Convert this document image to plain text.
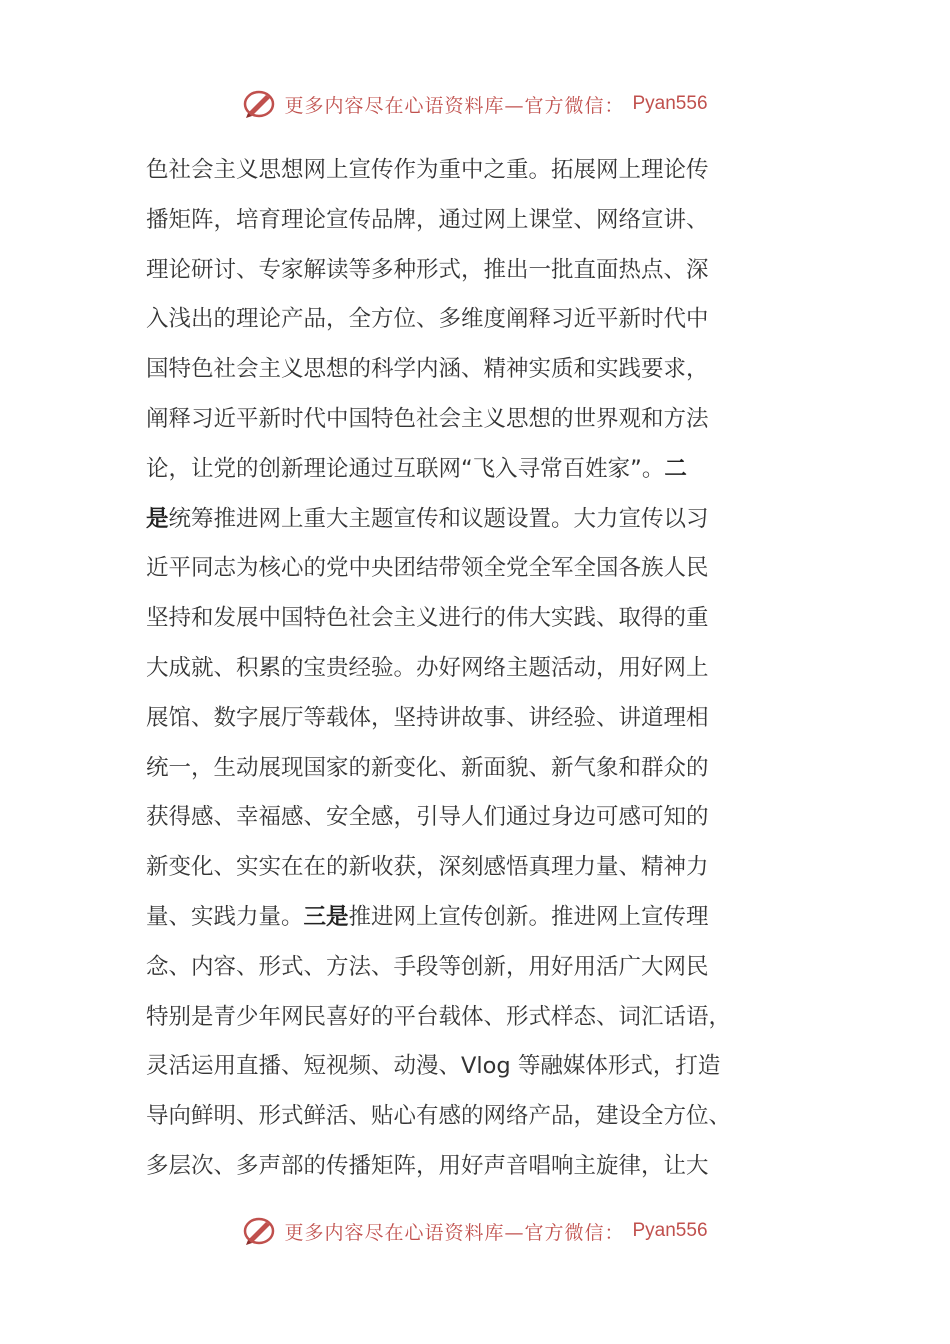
更多内容尽在心语资料库—官方微信： Pyan556
色社会主义思想网上宣传作为重中之重。拓展网上理论传
播矩阵，培育理论宣传品牌，通过网上课堂、网络宣讲、
理论研讨、专家解读等多种形式，推出一批直面热点、深
入浅出的理论产品，全方位、多维度阐释习近平新时代中
国特色社会主义思想的科学内涵、精神实质和实践要求，
阐释习近平新时代中国特色社会主义思想的世界观和方法
论，让党的创新理论通过互联网“飞入寻常百姓家”。二
是统筹推进网上重大主题宣传和议题设置。大力宣传以习
近平同志为核心的党中央团结带领全党全军全国各族人民
坚持和发展中国特色社会主义进行的伟大实践、取得的重
大成就、积累的宝贵经验。办好网络主题活动，用好网上
展馆、数字展厅等载体，坚持讲故事、讲经验、讲道理相
统一，生动展现国家的新变化、新面貌、新气象和群众的
获得感、幸福感、安全感，引导人们通过身边可感可知的
新变化、实实在在的新收获，深刻感悟真理力量、精神力
量、实践力量。三是推进网上宣传创新。推进网上宣传理
念、内容、形式、方法、手段等创新，用好用活广大网民
特别是青少年网民喜好的平台载体、形式样态、词汇话语，
灵活运用直播、短视频、动漫、Vlog 等融媒体形式，打造
导向鲜明、形式鲜活、贴心有感的网络产品，建设全方位、
多层次、多声部的传播矩阵，用好声音唱响主旋律，让大
更多内容尽在心语资料库—官方微信： Pyan556
